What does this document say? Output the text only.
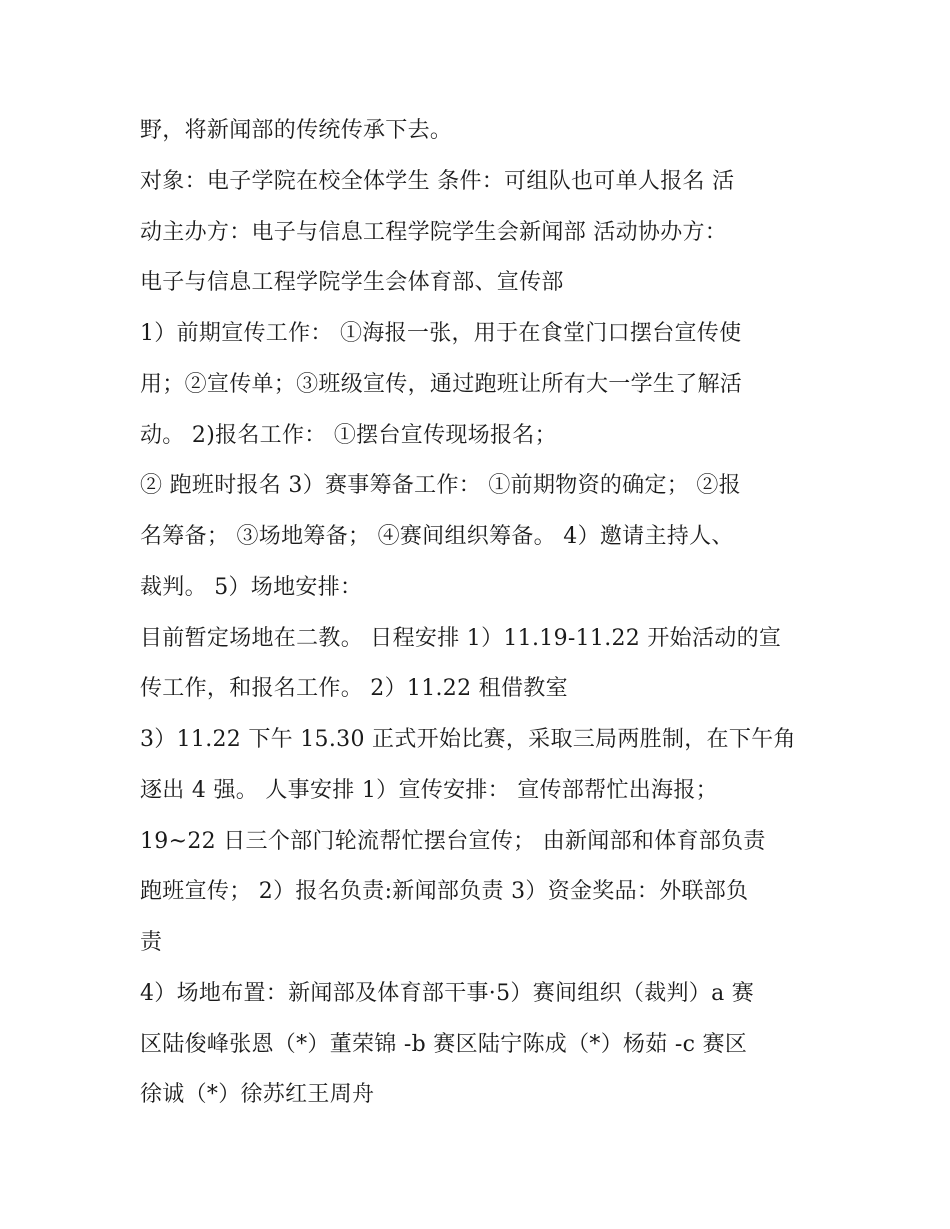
野，将新闻部的传统传承下去。
对象：电子学院在校全体学生 条件：可组队也可单人报名 活
动主办方：电子与信息工程学院学生会新闻部 活动协办方：
电子与信息工程学院学生会体育部、宣传部
1）前期宣传工作： ①海报一张，用于在食堂门口摆台宣传使
用；②宣传单；③班级宣传，通过跑班让所有大一学生了解活
动。 2)报名工作： ①摆台宣传现场报名；
② 跑班时报名 3）赛事筹备工作： ①前期物资的确定； ②报
名筹备； ③场地筹备； ④赛间组织筹备。 4）邀请主持人、
裁判。 5）场地安排：
目前暂定场地在二教。 日程安排 1）11.19-11.22 开始活动的宣
传工作，和报名工作。 2）11.22 租借教室
3）11.22 下午 15.30 正式开始比赛，采取三局两胜制，在下午角
逐出 4 强。 人事安排 1）宣传安排： 宣传部帮忙出海报；
19~22 日三个部门轮流帮忙摆台宣传； 由新闻部和体育部负责
跑班宣传； 2）报名负责:新闻部负责 3）资金奖品：外联部负
责
4）场地布置：新闻部及体育部干事·5）赛间组织（裁判）a 赛
区陆俊峰张恩（*）董荣锦 -b 赛区陆宁陈成（*）杨茹 -c 赛区
徐诚（*）徐苏红王周舟
